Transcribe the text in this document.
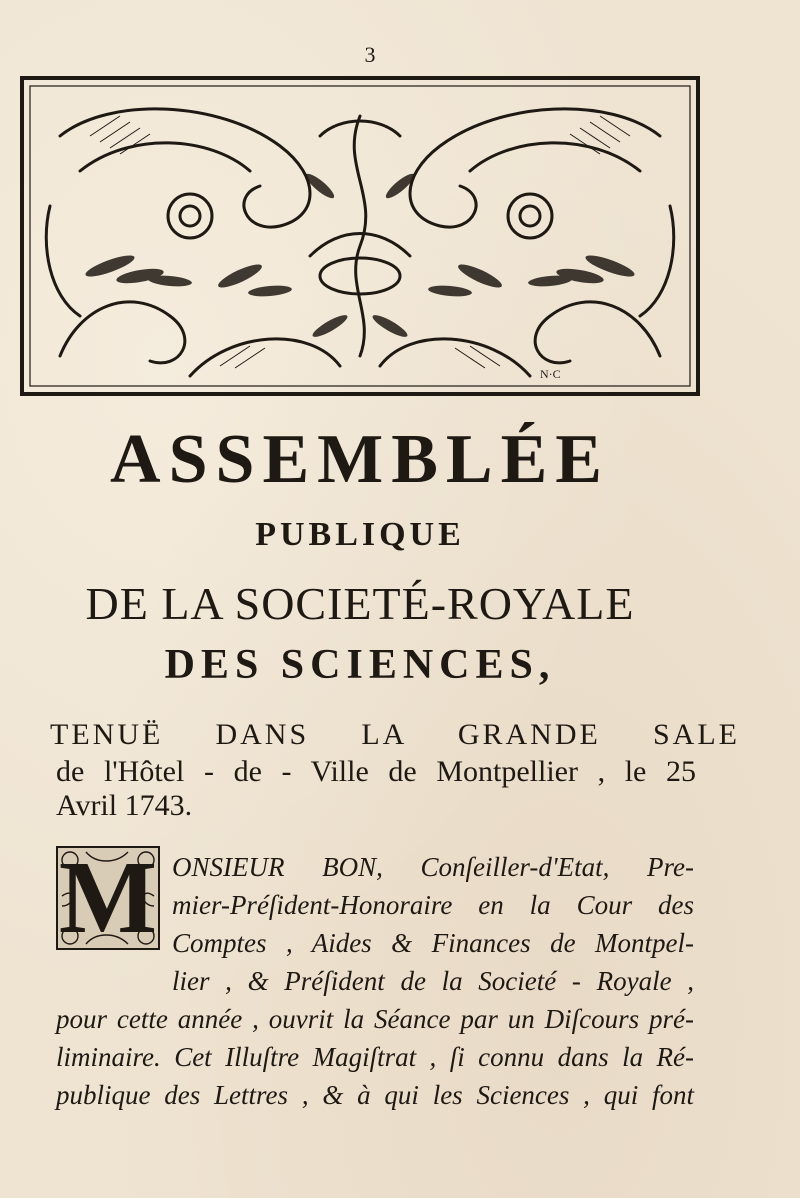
3
N·C
ASSEMBLÉE
PUBLIQUE
DE LA SOCIETÉ-ROYALE
DES SCIENCES,
TENUË DANS LA GRANDE SALE
de l'Hôtel - de - Ville de Montpellier , le 25
Avril 1743.
M ONSIEUR BON, Conſeiller-d'Etat, Pre-
mier-Préſident-Honoraire en la Cour des
Comptes , Aides & Finances de Montpel-
lier , & Préſident de la Societé - Royale ,
pour cette année , ouvrit la Séance par un Diſcours pré-
liminaire. Cet Illuſtre Magiſtrat , ſi connu dans la Ré-
publique des Lettres , & à qui les Sciences , qui font
